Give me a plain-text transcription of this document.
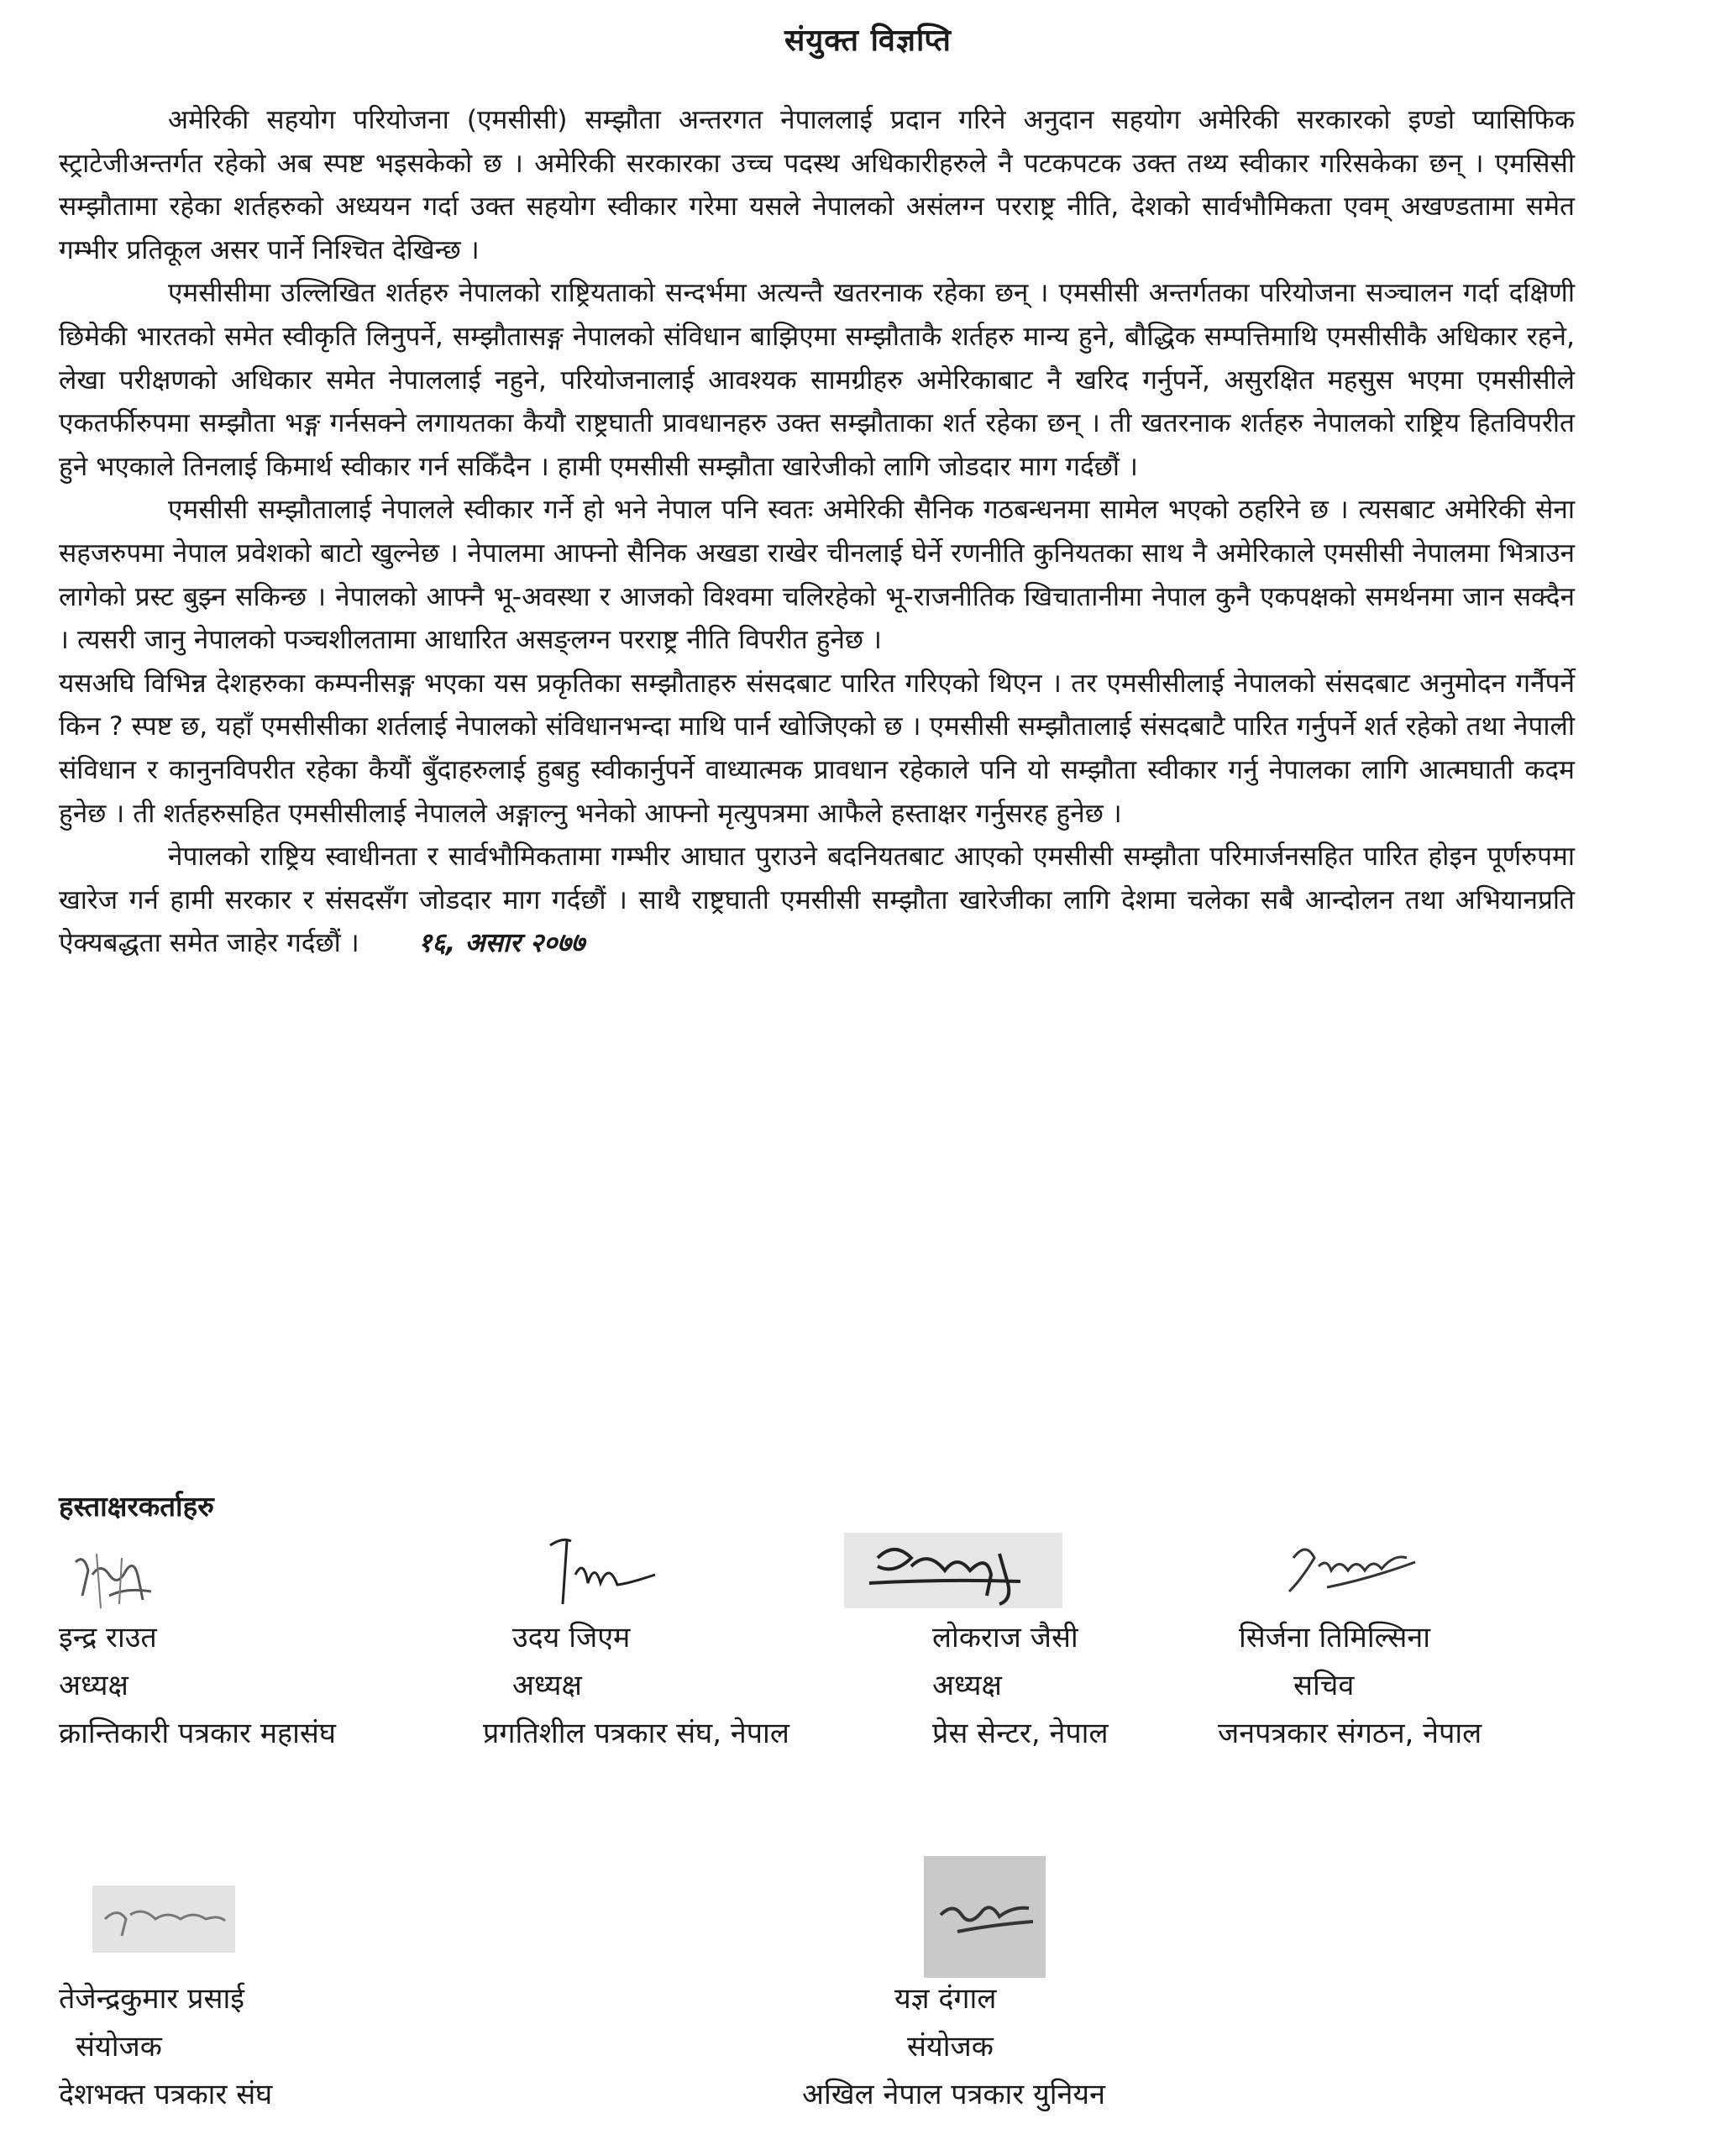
संयुक्त विज्ञप्ति

अमेरिकी सहयोग परियोजना (एमसीसी) सम्झौता अन्तरगत नेपाललाई प्रदान गरिने अनुदान सहयोग अमेरिकी सरकारको इण्डो प्यासिफिक स्ट्राटेजीअन्तर्गत रहेको अब स्पष्ट भइसकेको छ । अमेरिकी सरकारका उच्च पदस्थ अधिकारीहरुले नै पटकपटक उक्त तथ्य स्वीकार गरिसकेका छन् । एमसिसी सम्झौतामा रहेका शर्तहरुको अध्ययन गर्दा उक्त सहयोग स्वीकार गरेमा यसले नेपालको असंलग्न परराष्ट्र नीति, देशको सार्वभौमिकता एवम् अखण्डतामा समेत गम्भीर प्रतिकूल असर पार्ने निश्चित देखिन्छ ।

एमसीसीमा उल्लिखित शर्तहरु नेपालको राष्ट्रियताको सन्दर्भमा अत्यन्तै खतरनाक रहेका छन् । एमसीसी अन्तर्गतका परियोजना सञ्चालन गर्दा दक्षिणी छिमेकी भारतको समेत स्वीकृति लिनुपर्ने, सम्झौतासङ्ग नेपालको संविधान बाझिएमा सम्झौताकै शर्तहरु मान्य हुने, बौद्धिक सम्पत्तिमाथि एमसीसीकै अधिकार रहने, लेखा परीक्षणको अधिकार समेत नेपाललाई नहुने, परियोजनालाई आवश्यक सामग्रीहरु अमेरिकाबाट नै खरिद गर्नुपर्ने, असुरक्षित महसुस भएमा एमसीसीले एकतर्फीरुपमा सम्झौता भङ्ग गर्नसक्ने लगायतका कैयौ राष्ट्रघाती प्रावधानहरु उक्त सम्झौताका शर्त रहेका छन् । ती खतरनाक शर्तहरु नेपालको राष्ट्रिय हितविपरीत हुने भएकाले तिनलाई किमार्थ स्वीकार गर्न सकिँदैन । हामी एमसीसी सम्झौता खारेजीको लागि जोडदार माग गर्दछौं ।

एमसीसी सम्झौतालाई नेपालले स्वीकार गर्ने हो भने नेपाल पनि स्वतः अमेरिकी सैनिक गठबन्धनमा सामेल भएको ठहरिने छ । त्यसबाट अमेरिकी सेना सहजरुपमा नेपाल प्रवेशको बाटो खुल्नेछ । नेपालमा आफ्नो सैनिक अखडा राखेर चीनलाई घेर्ने रणनीति कुनियतका साथ नै अमेरिकाले एमसीसी नेपालमा भित्राउन लागेको प्रस्ट बुझ्न सकिन्छ । नेपालको आफ्नै भू-अवस्था र आजको विश्वमा चलिरहेको भू-राजनीतिक खिचातानीमा नेपाल कुनै एकपक्षको समर्थनमा जान सक्दैन । त्यसरी जानु नेपालको पञ्चशीलतामा आधारित असङ्लग्न परराष्ट्र नीति विपरीत हुनेछ ।

यसअघि विभिन्न देशहरुका कम्पनीसङ्ग भएका यस प्रकृतिका सम्झौताहरु संसदबाट पारित गरिएको थिएन । तर एमसीसीलाई नेपालको संसदबाट अनुमोदन गर्नैपर्ने किन ? स्पष्ट छ, यहाँ एमसीसीका शर्तलाई नेपालको संविधानभन्दा माथि पार्न खोजिएको छ । एमसीसी सम्झौतालाई संसदबाटै पारित गर्नुपर्ने शर्त रहेको तथा नेपाली संविधान र कानुनविपरीत रहेका कैयौं बुँदाहरुलाई हुबहु स्वीकार्नुपर्ने वाध्यात्मक प्रावधान रहेकाले पनि यो सम्झौता स्वीकार गर्नु नेपालका लागि आत्मघाती कदम हुनेछ । ती शर्तहरुसहित एमसीसीलाई नेपालले अङ्गाल्नु भनेको आफ्नो मृत्युपत्रमा आफैले हस्ताक्षर गर्नुसरह हुनेछ ।

नेपालको राष्ट्रिय स्वाधीनता र सार्वभौमिकतामा गम्भीर आघात पुराउने बदनियतबाट आएको एमसीसी सम्झौता परिमार्जनसहित पारित होइन पूर्णरुपमा खारेज गर्न हामी सरकार र संसदसँग जोडदार माग गर्दछौं । साथै राष्ट्रघाती एमसीसी सम्झौता खारेजीका लागि देशमा चलेका सबै आन्दोलन तथा अभियानप्रति ऐक्यबद्धता समेत जाहेर गर्दछौं । १६, असार २०७७

हस्ताक्षरकर्ताहरु
इन्द्र राउत
अध्यक्ष
क्रान्तिकारी पत्रकार महासंघ
उदय जिएम
अध्यक्ष
प्रगतिशील पत्रकार संघ, नेपाल
लोकराज जैसी
अध्यक्ष
प्रेस सेन्टर, नेपाल
सिर्जना तिमिल्सिना
सचिव
जनपत्रकार संगठन, नेपाल
तेजेन्द्रकुमार प्रसाई
संयोजक
देशभक्त पत्रकार संघ
यज्ञ दंगाल
संयोजक
अखिल नेपाल पत्रकार युनियन
